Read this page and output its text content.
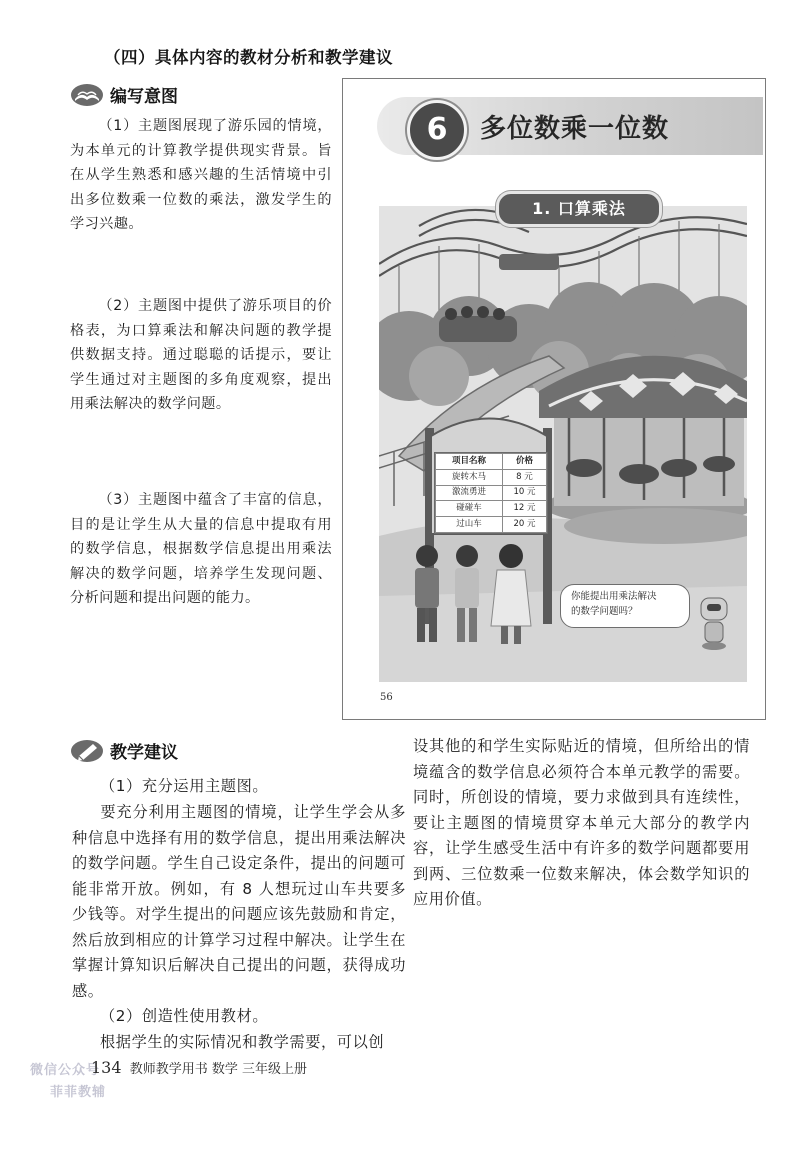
（四）具体内容的教材分析和教学建议
编写意图
（1）主题图展现了游乐园的情境，为本单元的计算教学提供现实背景。旨在从学生熟悉和感兴趣的生活情境中引出多位数乘一位数的乘法，激发学生的学习兴趣。
（2）主题图中提供了游乐项目的价格表，为口算乘法和解决问题的教学提供数据支持。通过聪聪的话提示，要让学生通过对主题图的多角度观察，提出用乘法解决的数学问题。
（3）主题图中蕴含了丰富的信息，目的是让学生从大量的信息中提取有用的数学信息，根据数学信息提出用乘法解决的数学问题，培养学生发现问题、分析问题和提出问题的能力。
6	多位数乘一位数
1. 口算乘法
项目名称	价格
旋转木马	8 元
激流勇进	10 元
碰碰车	12 元
过山车	20 元
你能提出用乘法解决
的数学问题吗？
56
教学建议
（1）充分运用主题图。
要充分利用主题图的情境，让学生学会从多种信息中选择有用的数学信息，提出用乘法解决的数学问题。学生自己设定条件，提出的问题可能非常开放。例如，有 8 人想玩过山车共要多少钱等。对学生提出的问题应该先鼓励和肯定，然后放到相应的计算学习过程中解决。让学生在掌握计算知识后解决自己提出的问题，获得成功感。
（2）创造性使用教材。
根据学生的实际情况和教学需要，可以创
设其他的和学生实际贴近的情境，但所给出的情境蕴含的数学信息必须符合本单元教学的需要。同时，所创设的情境，要力求做到具有连续性，要让主题图的情境贯穿本单元大部分的教学内容，让学生感受生活中有许多的数学问题都要用到两、三位数乘一位数来解决，体会数学知识的应用价值。
微信公众号
菲菲教辅
134 教师教学用书 数学 三年级上册
